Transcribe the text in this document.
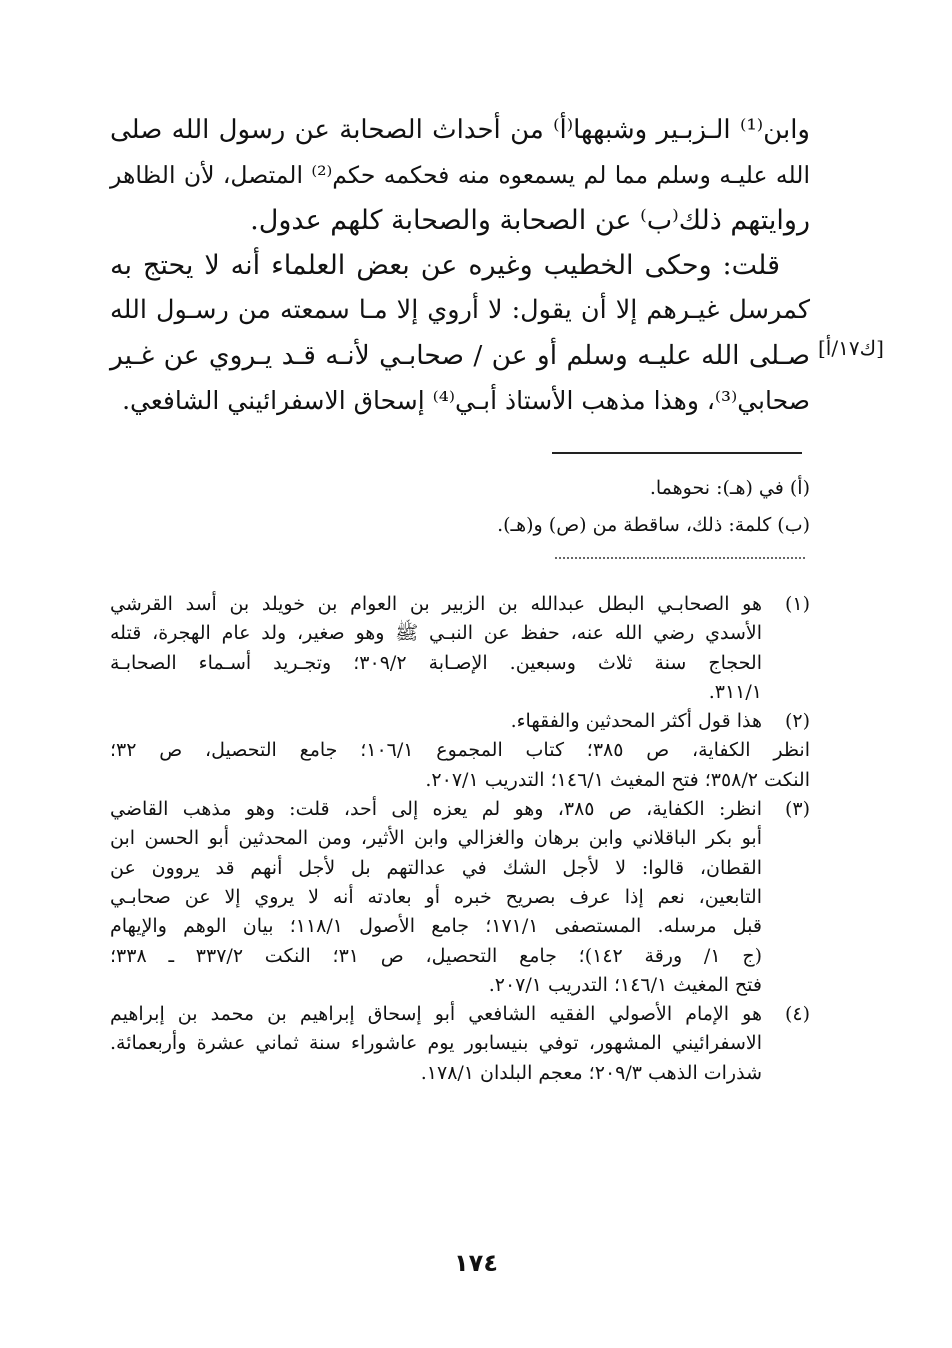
وابن⁽¹⁾ الـزبـير وشبهها⁽أ⁾ من أحداث الصحابة عن رسول الله صلى
الله عليـه وسلم مما لم يسمعوه منه فحكمه حكم⁽²⁾ المتصل، لأن الظاهر
روايتهم ذلك⁽ب⁾ عن الصحابة والصحابة كلهم عدول.
قلت: وحكى الخطيب وغيره عن بعض العلماء أنه لا يحتج به
كمرسل غيـرهم إلا أن يقول: لا أروي إلا مـا سمعته من رسـول الله
صـلى الله عليـه وسلم أو عن / صحابـي لأنـه قـد يـروي عن غـير
صحابي⁽³⁾، وهذا مذهب الأستاذ أبـي⁽⁴⁾ إسحاق الاسفرائيني الشافعي.
[ك١٧/أ]
(أ) في (هـ): نحوهما.
(ب) كلمة: ذلك، ساقطة من (ص) و(هـ).
(١)
هو الصحابـي البطل عبدالله بن الزبير بن العوام بن خويلد بن أسد القرشي
الأسدي رضي الله عنه، حفظ عن النبـي ﷺ وهو صغير، ولد عام الهجرة، قتله
الحجاج سنة ثلاث وسبعين. الإصـابة ٣٠٩/٢؛ وتجـريد أسـماء الصحابـة
٣١١/١.
(٢)
هذا قول أكثر المحدثين والفقهاء.
انظر الكفاية، ص ٣٨٥؛ كتاب المجموع ١٠٦/١؛ جامع التحصيل، ص ٣٢؛
النكت ٣٥٨/٢؛ فتح المغيث ١٤٦/١؛ التدريب ٢٠٧/١.
(٣)
انظر: الكفاية، ص ٣٨٥، وهو لم يعزه إلى أحد، قلت: وهو مذهب القاضي
أبو بكر الباقلاني وابن برهان والغزالي وابن الأثير، ومن المحدثين أبو الحسن ابن
القطان، قالوا: لا لأجل الشك في عدالتهم بل لأجل أنهم قد يروون عن
التابعين، نعم إذا عرف بصريح خبره أو بعادته أنه لا يروي إلا عن صحابـي
قبل مرسله. المستصفى ١٧١/١؛ جامع الأصول ١١٨/١؛ بيان الوهم والإيهام
(ج ١/ ورقة ١٤٢)؛ جامع التحصيل، ص ٣١؛ النكت ٣٣٧/٢ ـ ٣٣٨؛
فتح المغيث ١٤٦/١؛ التدريب ٢٠٧/١.
(٤)
هو الإمام الأصولي الفقيه الشافعي أبو إسحاق إبراهيم بن محمد بن إبراهيم
الاسفرائيني المشهور، توفي بنيسابور يوم عاشوراء سنة ثماني عشرة وأربعمائة.
شذرات الذهب ٢٠٩/٣؛ معجم البلدان ١٧٨/١.
١٧٤
